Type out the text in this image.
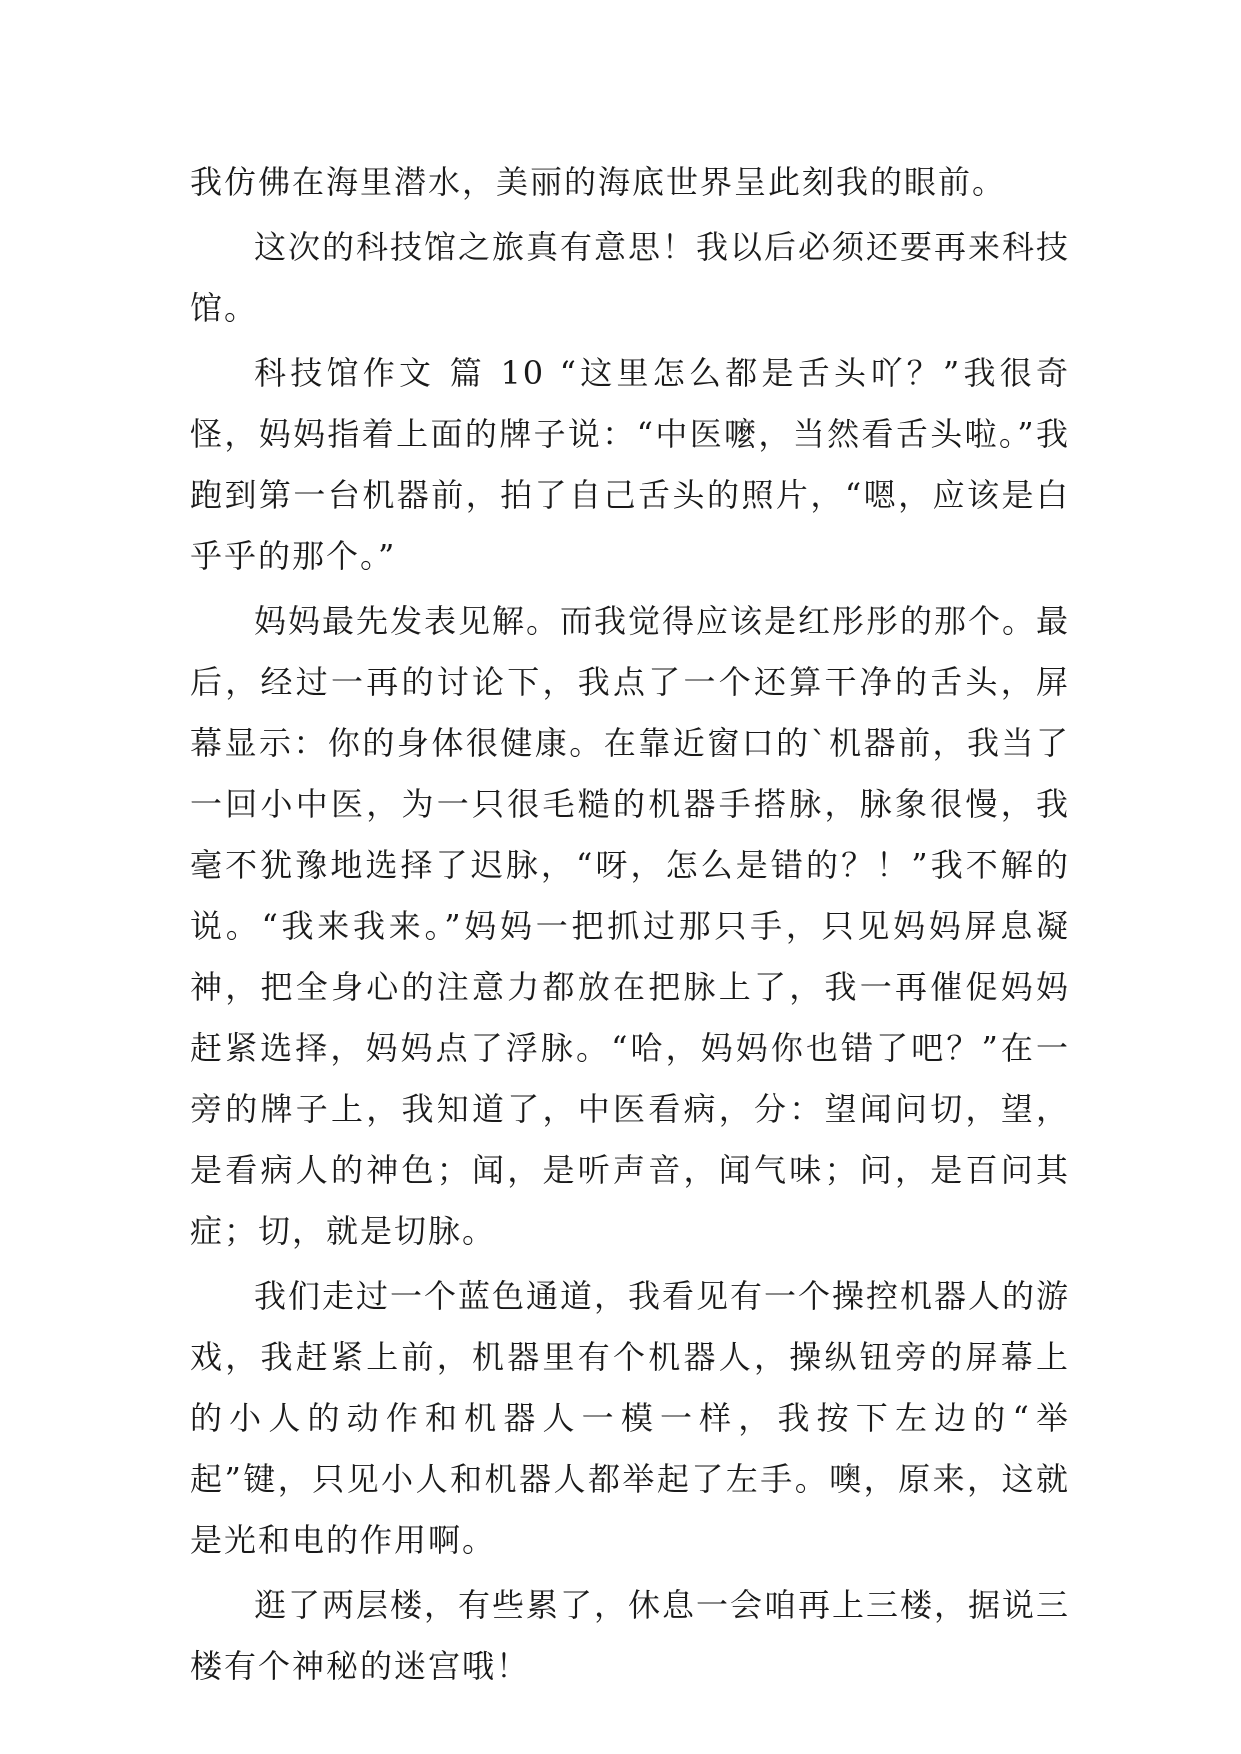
我仿佛在海里潜水，美丽的海底世界呈此刻我的眼前。

这次的科技馆之旅真有意思！我以后必须还要再来科技馆。

科技馆作文 篇 10 “这里怎么都是舌头吖？”我很奇怪，妈妈指着上面的牌子说：“中医嚒，当然看舌头啦。”我跑到第一台机器前，拍了自己舌头的照片，“嗯，应该是白乎乎的那个。”

妈妈最先发表见解。而我觉得应该是红彤彤的那个。最后，经过一再的讨论下，我点了一个还算干净的舌头，屏幕显示：你的身体很健康。在靠近窗口的`机器前，我当了一回小中医，为一只很毛糙的机器手搭脉，脉象很慢，我毫不犹豫地选择了迟脉，“呀，怎么是错的？！”我不解的说。“我来我来。”妈妈一把抓过那只手，只见妈妈屏息凝神，把全身心的注意力都放在把脉上了，我一再催促妈妈赶紧选择，妈妈点了浮脉。“哈，妈妈你也错了吧？”在一旁的牌子上，我知道了，中医看病，分：望闻问切，望，是看病人的神色；闻，是听声音，闻气味；问，是百问其症；切，就是切脉。

我们走过一个蓝色通道，我看见有一个操控机器人的游戏，我赶紧上前，机器里有个机器人，操纵钮旁的屏幕上的小人的动作和机器人一模一样，我按下左边的“举起”键，只见小人和机器人都举起了左手。噢，原来，这就是光和电的作用啊。

逛了两层楼，有些累了，休息一会咱再上三楼，据说三楼有个神秘的迷宫哦！
